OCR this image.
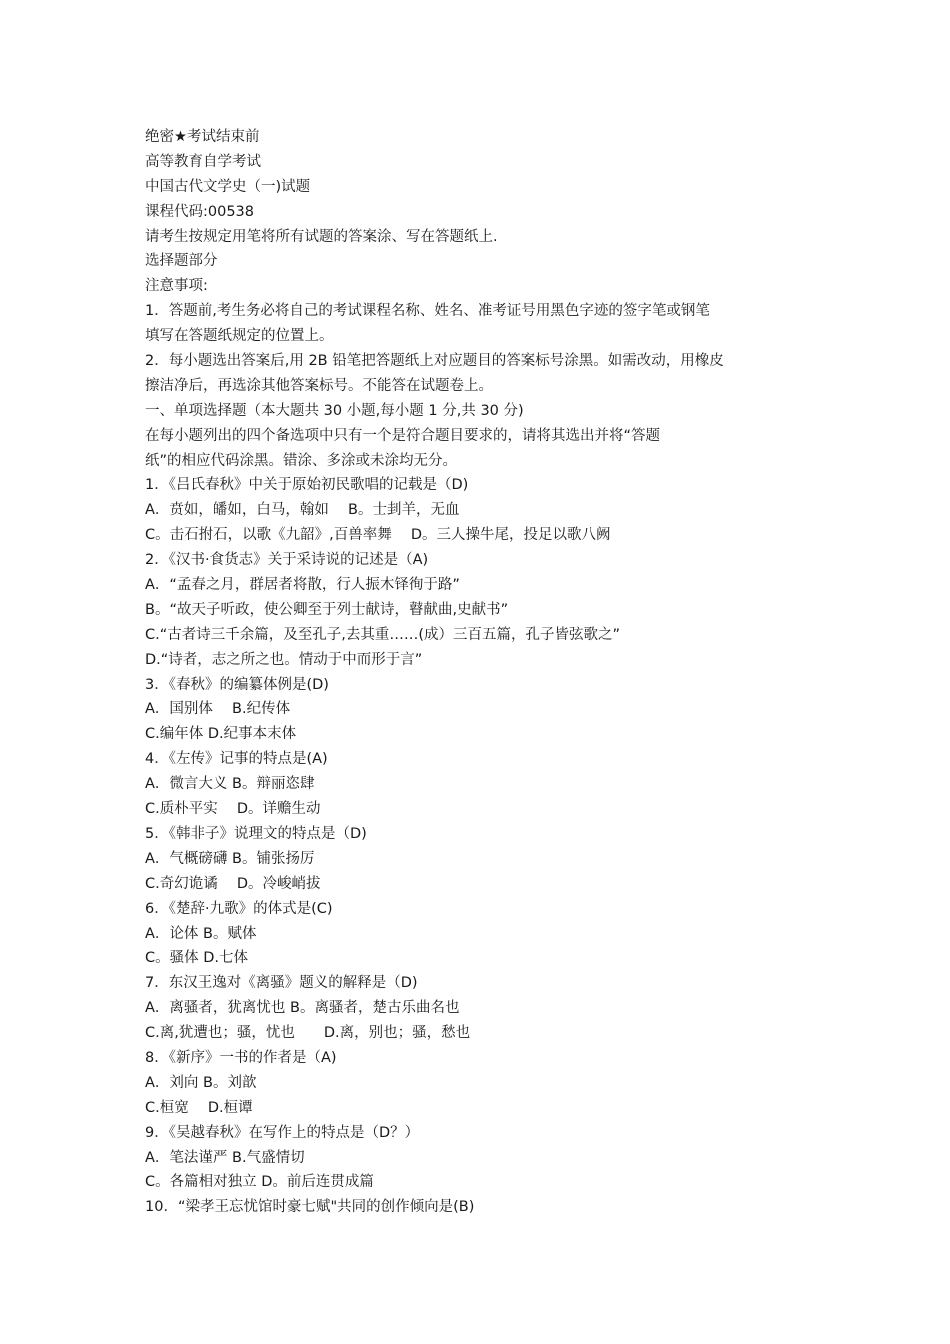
绝密★考试结束前
高等教育自学考试
中国古代文学史（一)试题
课程代码:00538
请考生按规定用笔将所有试题的答案涂、写在答题纸上.
选择题部分
注意事项:
1．答题前,考生务必将自己的考试课程名称、姓名、准考证号用黑色字迹的签字笔或钢笔
填写在答题纸规定的位置上。
2．每小题选出答案后,用 2B 铅笔把答题纸上对应题目的答案标号涂黑。如需改动，用橡皮
擦洁净后，再选涂其他答案标号。不能答在试题卷上。
一、单项选择题（本大题共 30 小题,每小题 1 分,共 30 分)
在每小题列出的四个备选项中只有一个是符合题目要求的，请将其选出并将“答题
纸”的相应代码涂黑。错涂、多涂或未涂均无分。
1．《吕氏春秋》中关于原始初民歌唱的记载是（D)
A．贲如，皤如，白马，翰如　 B。士刲羊，无血
C。击石拊石，以歌《九韶》,百兽率舞　 D。三人操牛尾，投足以歌八阙
2．《汉书·食货志》关于采诗说的记述是（A)
A．“孟春之月，群居者将散，行人振木铎徇于路”
B。“故天子听政，使公卿至于列士献诗，瞽献曲,史献书”
C.“古者诗三千余篇，及至孔子,去其重……(成）三百五篇，孔子皆弦歌之”
D.“诗者，志之所之也。情动于中而形于言”
3．《春秋》的编纂体例是(D)
A．国别体　 B.纪传体
C.编年体 D.纪事本末体
4．《左传》记事的特点是(A)
A．微言大义 B。辩丽恣肆
C.质朴平实　 D。详赡生动
5．《韩非子》说理文的特点是（D)
A．气概磅礴 B。铺张扬厉
C.奇幻诡谲　 D。冷峻峭拔
6．《楚辞·九歌》的体式是(C)
A．论体 B。赋体
C。骚体 D.七体
7．东汉王逸对《离骚》题义的解释是（D)
A．离骚者，犹离忧也 B。离骚者，楚古乐曲名也
C.离,犹遭也；骚，忧也　　D.离，别也；骚，愁也
8．《新序》一书的作者是（A)
A．刘向 B。刘歆
C.桓宽　 D.桓谭
9．《吴越春秋》在写作上的特点是（D？）
A．笔法谨严 B.气盛情切
C。各篇相对独立 D。前后连贯成篇
10．“梁孝王忘忧馆时豪七赋"共同的创作倾向是(B)
